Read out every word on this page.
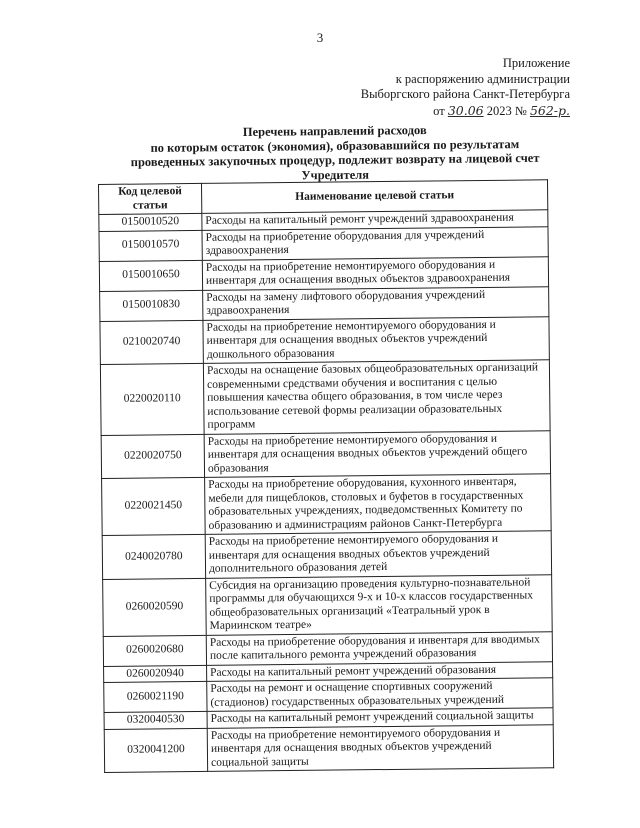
3
Приложение
к распоряжению администрации
Выборгского района Санкт-Петербурга
от 30.06 2023 № 562-р.
Перечень направлений расходов
по которым остаток (экономия), образовавшийся по результатам
проведенных закупочных процедур, подлежит возврату на лицевой счет
Учредителя
Код целевой статьи	Наименование целевой статьи
0150010520	Расходы на капитальный ремонт учреждений здравоохранения
0150010570	Расходы на приобретение оборудования для учреждений здравоохранения
0150010650	Расходы на приобретение немонтируемого оборудования и инвентаря для оснащения вводных объектов здравоохранения
0150010830	Расходы на замену лифтового оборудования учреждений здравоохранения
0210020740	Расходы на приобретение немонтируемого оборудования и инвентаря для оснащения вводных объектов учреждений дошкольного образования
0220020110	Расходы на оснащение базовых общеобразовательных организаций современными средствами обучения и воспитания с целью повышения качества общего образования, в том числе через использование сетевой формы реализации образовательных программ
0220020750	Расходы на приобретение немонтируемого оборудования и инвентаря для оснащения вводных объектов учреждений общего образования
0220021450	Расходы на приобретение оборудования, кухонного инвентаря, мебели для пищеблоков, столовых и буфетов в государственных образовательных учреждениях, подведомственных Комитету по образованию и администрациям районов Санкт-Петербурга
0240020780	Расходы на приобретение немонтируемого оборудования и инвентаря для оснащения вводных объектов учреждений дополнительного образования детей
0260020590	Субсидия на организацию проведения культурно-познавательной программы для обучающихся 9-х и 10-х классов государственных общеобразовательных организаций «Театральный урок в Мариинском театре»
0260020680	Расходы на приобретение оборудования и инвентаря для вводимых после капитального ремонта учреждений образования
0260020940	Расходы на капитальный ремонт учреждений образования
0260021190	Расходы на ремонт и оснащение спортивных сооружений (стадионов) государственных образовательных учреждений
0320040530	Расходы на капитальный ремонт учреждений социальной защиты
0320041200	Расходы на приобретение немонтируемого оборудования и инвентаря для оснащения вводных объектов учреждений социальной защиты
